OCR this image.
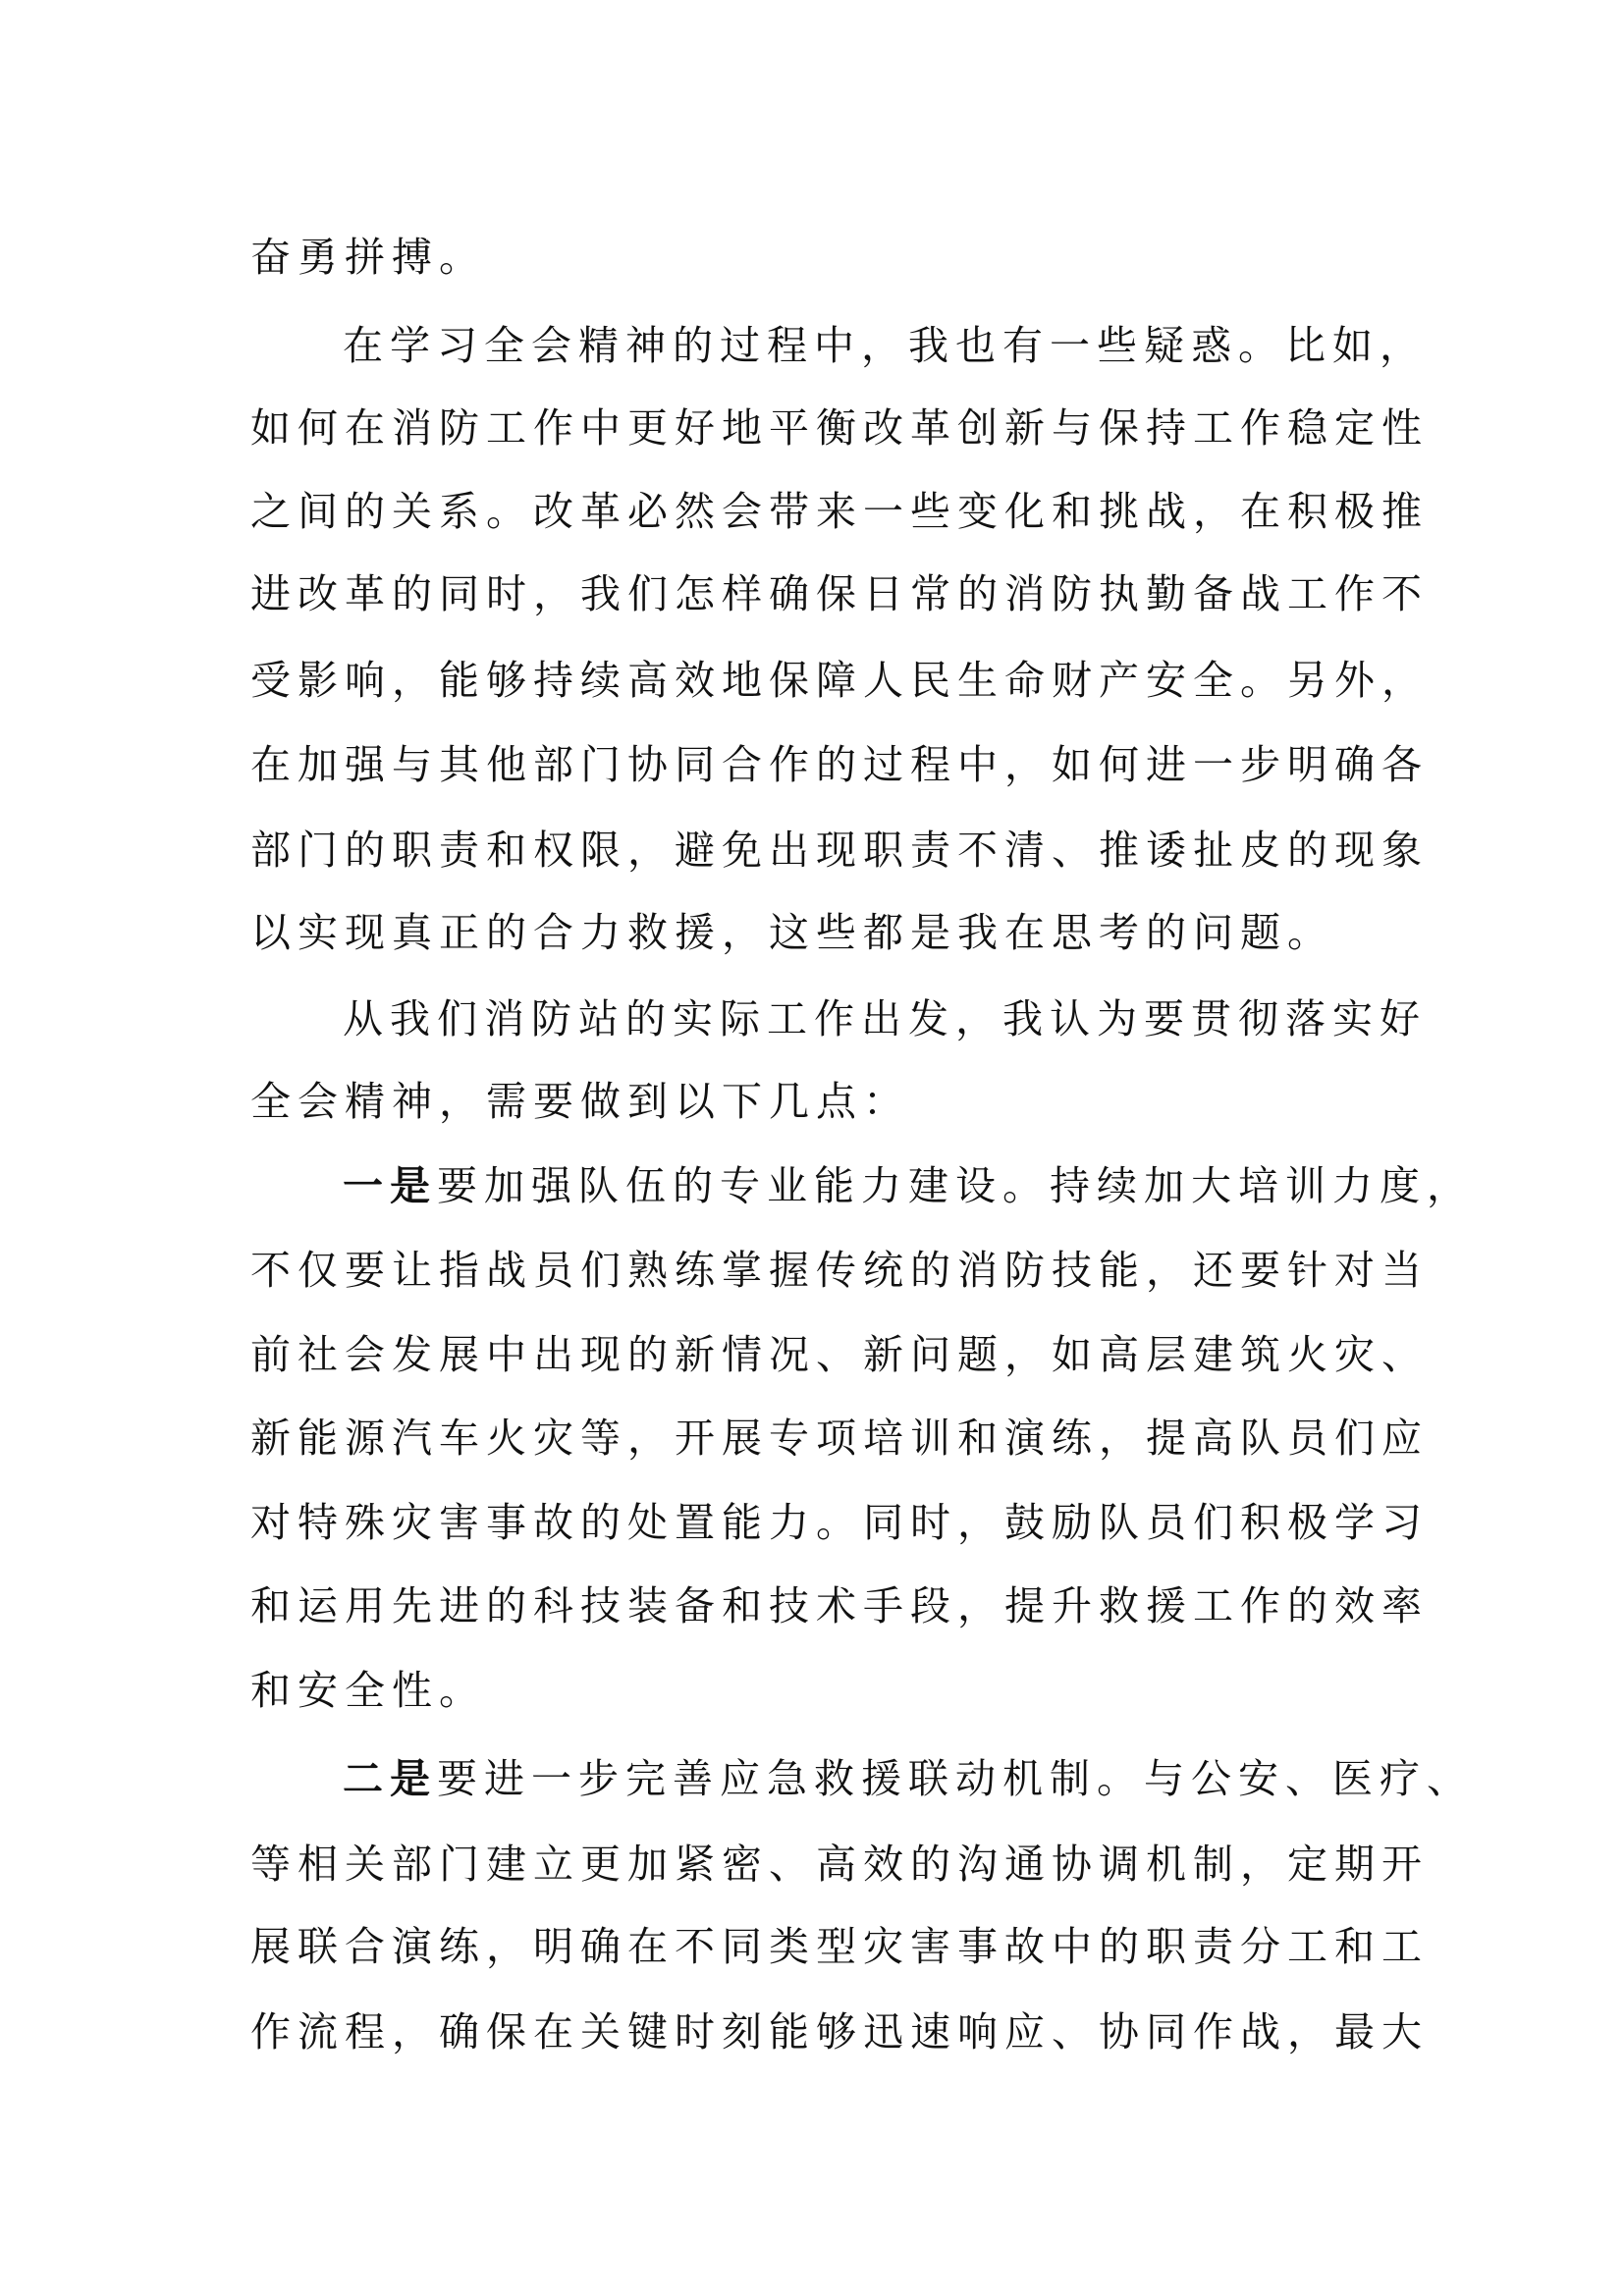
奋勇拼搏。
在学习全会精神的过程中，我也有一些疑惑。比如，
如何在消防工作中更好地平衡改革创新与保持工作稳定性
之间的关系。改革必然会带来一些变化和挑战，在积极推
进改革的同时，我们怎样确保日常的消防执勤备战工作不
受影响，能够持续高效地保障人民生命财产安全。另外，
在加强与其他部门协同合作的过程中，如何进一步明确各
部门的职责和权限，避免出现职责不清、推诿扯皮的现象
以实现真正的合力救援，这些都是我在思考的问题。
从我们消防站的实际工作出发，我认为要贯彻落实好
全会精神，需要做到以下几点：
一是要加强队伍的专业能力建设。持续加大培训力度，
不仅要让指战员们熟练掌握传统的消防技能，还要针对当
前社会发展中出现的新情况、新问题，如高层建筑火灾、
新能源汽车火灾等，开展专项培训和演练，提高队员们应
对特殊灾害事故的处置能力。同时，鼓励队员们积极学习
和运用先进的科技装备和技术手段，提升救援工作的效率
和安全性。
二是要进一步完善应急救援联动机制。与公安、医疗、
等相关部门建立更加紧密、高效的沟通协调机制，定期开
展联合演练，明确在不同类型灾害事故中的职责分工和工
作流程，确保在关键时刻能够迅速响应、协同作战，最大
